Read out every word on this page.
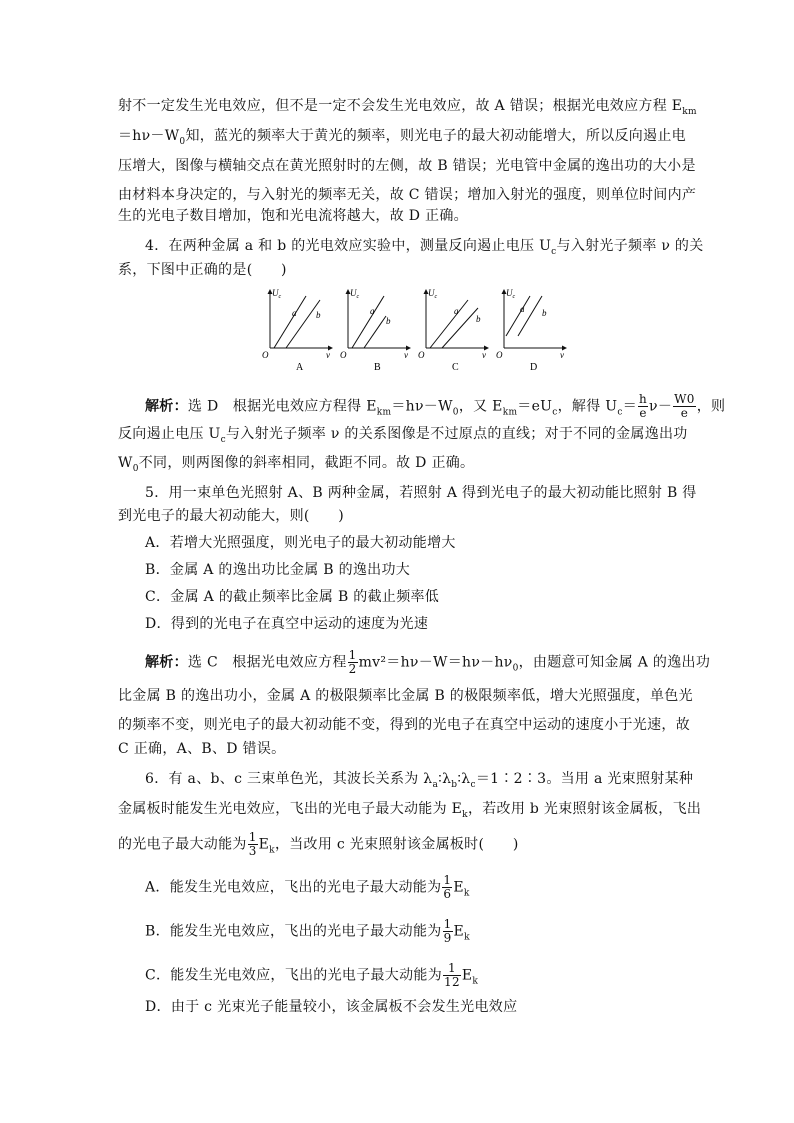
射不一定发生光电效应，但不是一定不会发生光电效应，故 A 错误；根据光电效应方程 $E_{km}$
$=h\nu-W_0$知，蓝光的频率大于黄光的频率，则光电子的最大初动能增大，所以反向遏止电
压增大，图像与横轴交点在黄光照射时的左侧，故 B 错误；光电管中金属的逸出功的大小是
由材料本身决定的，与入射光的频率无关，故 C 错误；增加入射光的强度，则单位时间内产
生的光电子数目增加，饱和光电流将越大，故 D 正确。
4．在两种金属 a 和 b 的光电效应实验中，测量反向遏止电压 $U_c$与入射光子频率 ν 的关
系，下图中正确的是(　　)
$U_c$
O	ν
a b
A
$U_c$
O	ν
a
b
B
$U_c$
O	ν
a
b
C
$U_c$
O	ν
a b
D
解析：选 D　根据光电效应方程得 $E_{km}=h\nu-W_0$，又 $E_{km}=eU_c$，解得 $U_c= \frac{h}{e} \nu- \frac{W0}{e}$ ，则
反向遏止电压 $U_c$与入射光子频率 ν 的关系图像是不过原点的直线；对于不同的金属逸出功
$W_0$不同，则两图像的斜率相同，截距不同。故 D 正确。
5．用一束单色光照射 A、B 两种金属，若照射 A 得到光电子的最大初动能比照射 B 得
到光电子的最大初动能大，则(　　)
A．若增大光照强度，则光电子的最大初动能增大
B．金属 A 的逸出功比金属 B 的逸出功大
C．金属 A 的截止频率比金属 B 的截止频率低
D．得到的光电子在真空中运动的速度为光速
解析：选 C　根据光电效应方程 $\frac{1}{2} mv^2=h\nu-W=h\nu-h\nu_0$，由题意可知金属 A 的逸出功
比金属 B 的逸出功小，金属 A 的极限频率比金属 B 的极限频率低，增大光照强度，单色光
的频率不变，则光电子的最大初动能不变，得到的光电子在真空中运动的速度小于光速，故
C 正确，A、B、D 错误。
6．有 a、b、c 三束单色光，其波长关系为 $\lambda_a∶\lambda_b∶\lambda_c=1∶2∶3$。当用 a 光束照射某种
金属板时能发生光电效应，飞出的光电子最大动能为 $E_k$，若改用 b 光束照射该金属板，飞出
的光电子最大动能为 $\frac{1}{3} E_k$，当改用 c 光束照射该金属板时(　　)
A．能发生光电效应，飞出的光电子最大动能为 $\frac{1}{6} E_k$
B．能发生光电效应，飞出的光电子最大动能为 $\frac{1}{9} E_k$
C．能发生光电效应，飞出的光电子最大动能为 $\frac{1}{12} E_k$
D．由于 c 光束光子能量较小，该金属板不会发生光电效应
